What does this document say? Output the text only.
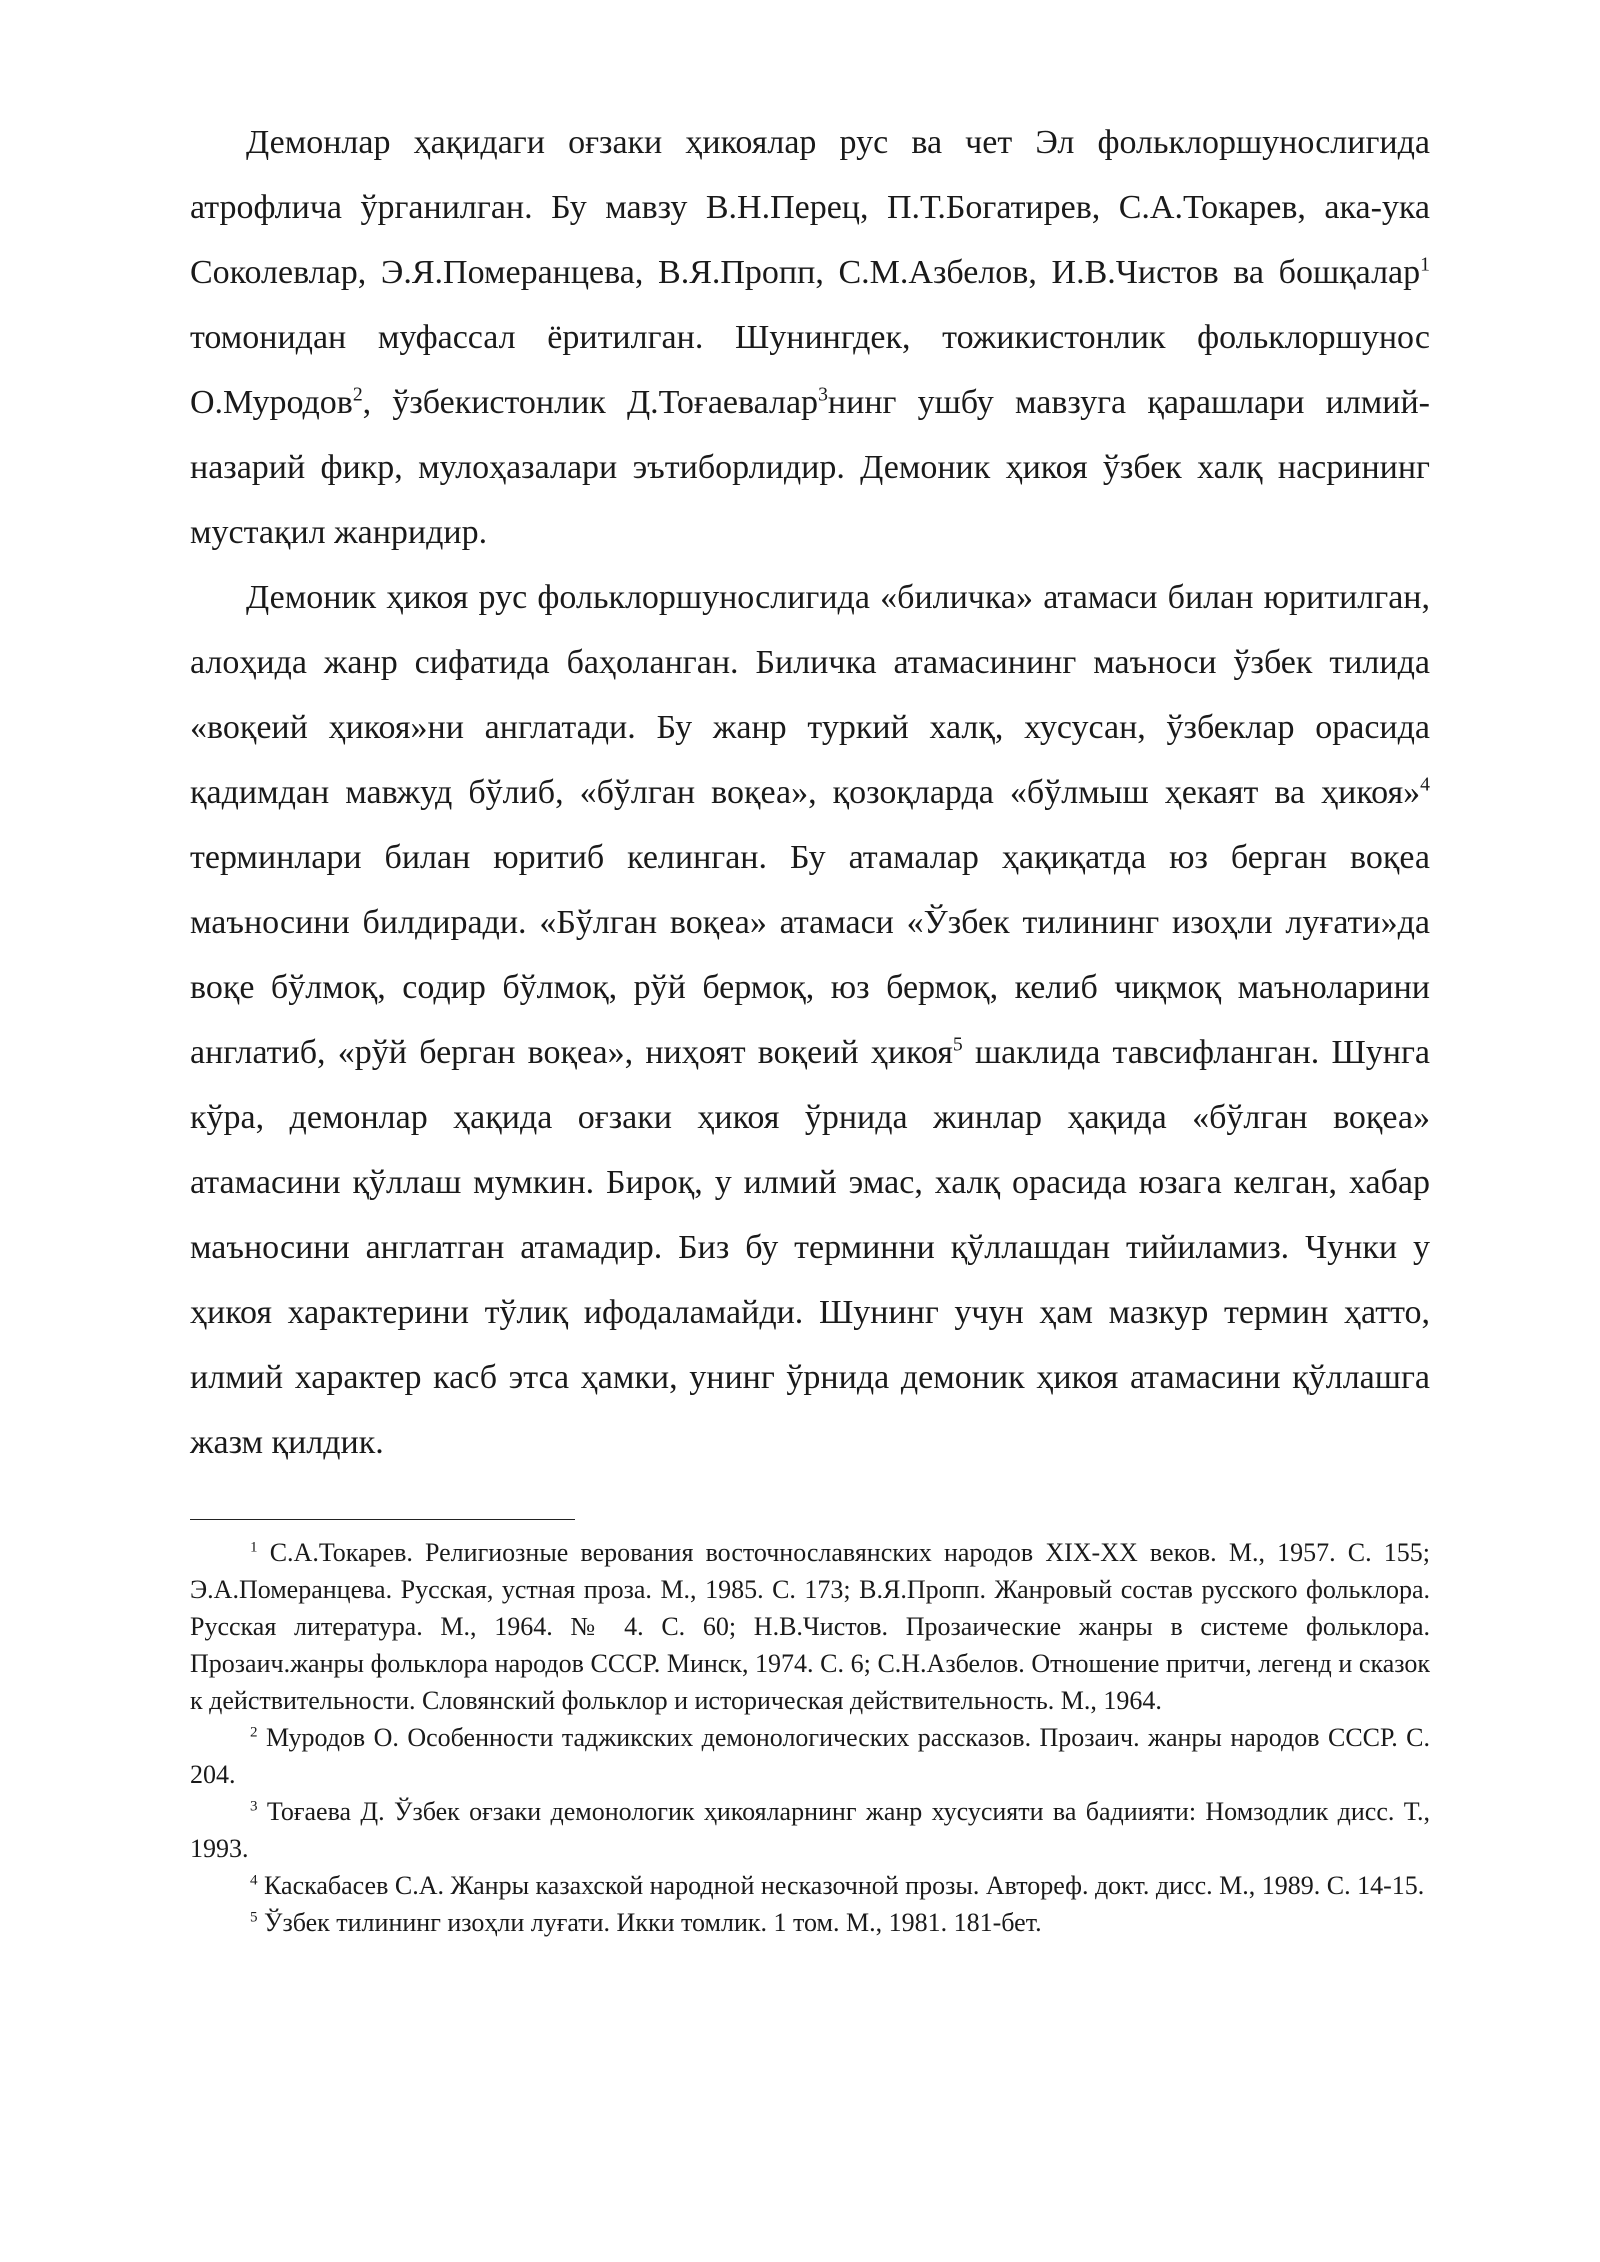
Демонлар ҳақидаги оғзаки ҳикоялар рус ва чет Эл фольклоршунослигида атрофлича ўрганилган. Бу мавзу В.Н.Перец, П.Т.Богатирев, С.А.Токарев, ака-ука Соколевлар, Э.Я.Померанцева, В.Я.Пропп, С.М.Азбелов, И.В.Чистов ва бошқалар$^1$ томонидан муфассал ёритилган. Шунингдек, тожикистонлик фольклоршунос О.Муродов$^2$, ўзбекистонлик Д.Тоғаевалар$^3$нинг ушбу мавзуга қарашлари илмий-назарий фикр, мулоҳазалари эътиборлидир. Демоник ҳикоя ўзбек халқ насрининг мустақил жанридир.

Демоник ҳикоя рус фольклоршунослигида «биличка» атамаси билан юритилган, алоҳида жанр сифатида баҳоланган. Биличка атамасининг маъноси ўзбек тилида «воқеий ҳикоя»ни англатади. Бу жанр туркий халқ, хусусан, ўзбеклар орасида қадимдан мавжуд бўлиб, «бўлган воқеа», қозоқларда «бўлмыш ҳекаят ва ҳикоя»$^4$ терминлари билан юритиб келинган. Бу атамалар ҳақиқатда юз берган воқеа маъносини билдиради. «Бўлган воқеа» атамаси «Ўзбек тилининг изоҳли луғати»да воқе бўлмоқ, содир бўлмоқ, рўй бермоқ, юз бермоқ, келиб чиқмоқ маъноларини англатиб, «рўй берган воқеа», ниҳоят воқеий ҳикоя$^5$ шаклида тавсифланган. Шунга кўра, демонлар ҳақида оғзаки ҳикоя ўрнида жинлар ҳақида «бўлган воқеа» атамасини қўллаш мумкин. Бироқ, у илмий эмас, халқ орасида юзага келган, хабар маъносини англатган атамадир. Биз бу терминни қўллашдан тийиламиз. Чунки у ҳикоя характерини тўлиқ ифодаламайди. Шунинг учун ҳам мазкур термин ҳатто, илмий характер касб этса ҳамки, унинг ўрнида демоник ҳикоя атамасини қўллашга жазм қилдик.

$^1$ С.А.Токарев. Религиозные верования восточнославянских народов XIX-XX веков. М., 1957. С. 155; Э.А.Померанцева. Русская, устная проза. М., 1985. С. 173; В.Я.Пропп. Жанровый состав русского фольклора. Русская литература. М., 1964. № 4. С. 60; Н.В.Чистов. Прозаические жанры в системе фольклора. Прозаич.жанры фольклора народов СССР. Минск, 1974. С. 6; С.Н.Азбелов. Отношение притчи, легенд и сказок к действительности. Словянский фольклор и историческая действительность. М., 1964.

$^2$ Муродов О. Особенности таджикских демонологических рассказов. Прозаич. жанры народов СССР. С. 204.

$^3$ Тоғаева Д. Ўзбек оғзаки демонологик ҳикояларнинг жанр хусусияти ва бадиияти: Номзодлик дисс. Т., 1993.

$^4$ Каскабасев С.А. Жанры казахской народной несказочной прозы. Автореф. докт. дисс. М., 1989. С. 14-15.

$^5$ Ўзбек тилининг изоҳли луғати. Икки томлик. 1 том. М., 1981. 181-бет.
